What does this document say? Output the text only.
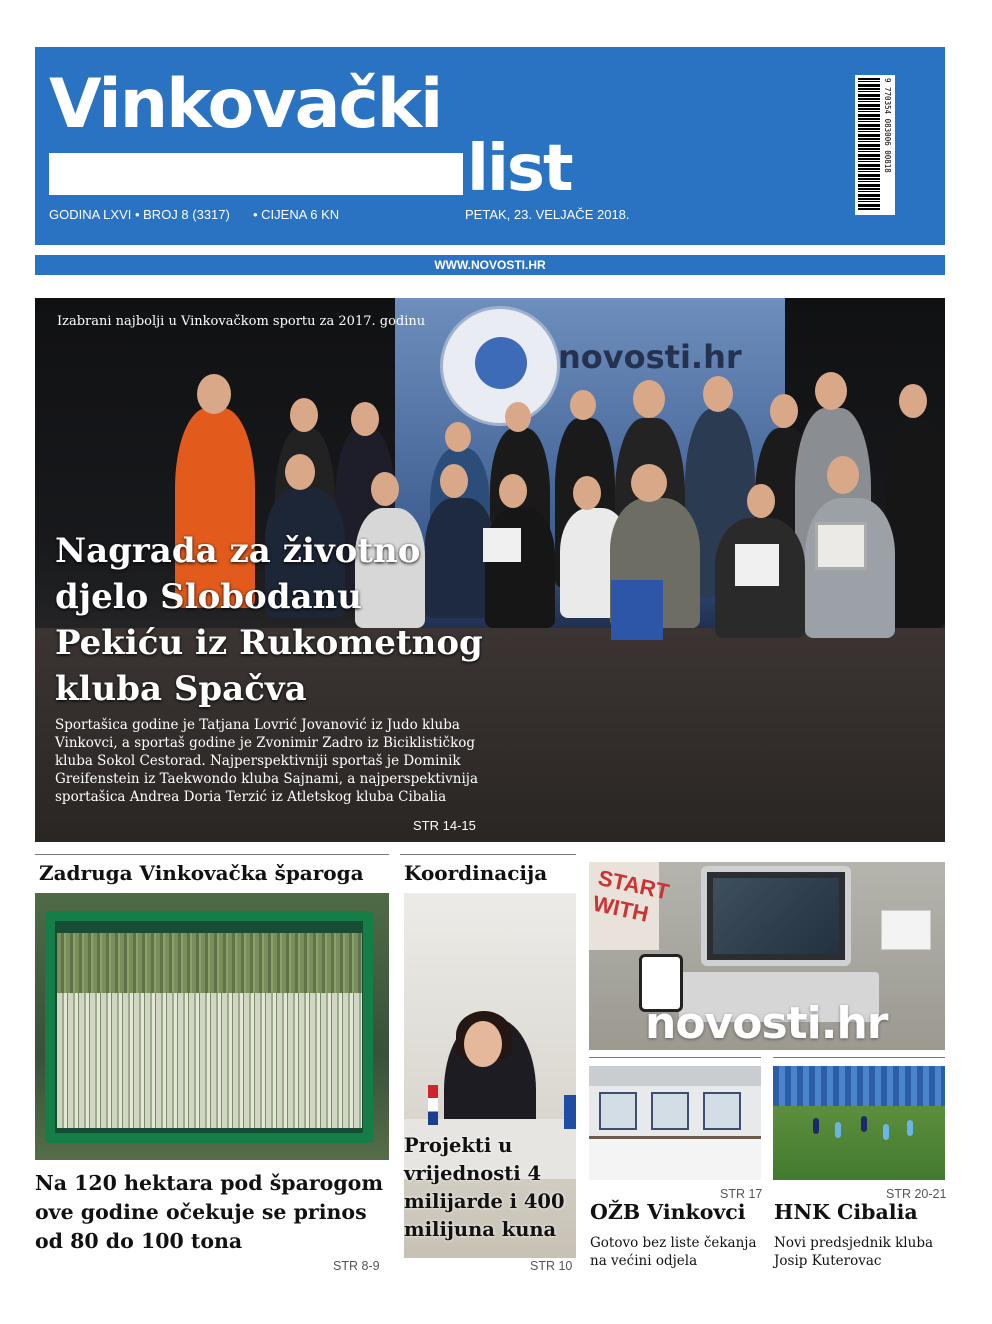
Vinkovački
list
GODINA LXVI • BROJ 8 (3317) • CIJENA 6 KN	PETAK, 23. VELJAČE 2018.
9 770354 083006 00818
WWW.NOVOSTI.HR
novosti.hr
Izabrani najbolji u Vinkovačkom sportu za 2017. godinu
Nagrada za životno djelo Slobodanu Pekiću iz Rukometnog kluba Spačva
Sportašica godine je Tatjana Lovrić Jovanović iz Judo kluba Vinkovci, a sportaš godine je Zvonimir Zadro iz Biciklističkog kluba Sokol Cestorad. Najperspektivniji sportaš je Dominik Greifenstein iz Taekwondo kluba Sajnami, a najperspektivnija sportašica Andrea Doria Terzić iz Atletskog kluba Cibalia
STR 14-15
Zadruga Vinkovačka šparoga
Na 120 hektara pod šparogom ove godine očekuje se prinos od 80 do 100 tona
STR 8-9
Koordinacija
Projekti u vrijednosti 4 milijarde i 400 milijuna kuna
STR 10
START WITH
novosti.hr
STR 17
OŽB Vinkovci
Gotovo bez liste čekanja na većini odjela
STR 20-21
HNK Cibalia
Novi predsjednik kluba Josip Kuterovac
